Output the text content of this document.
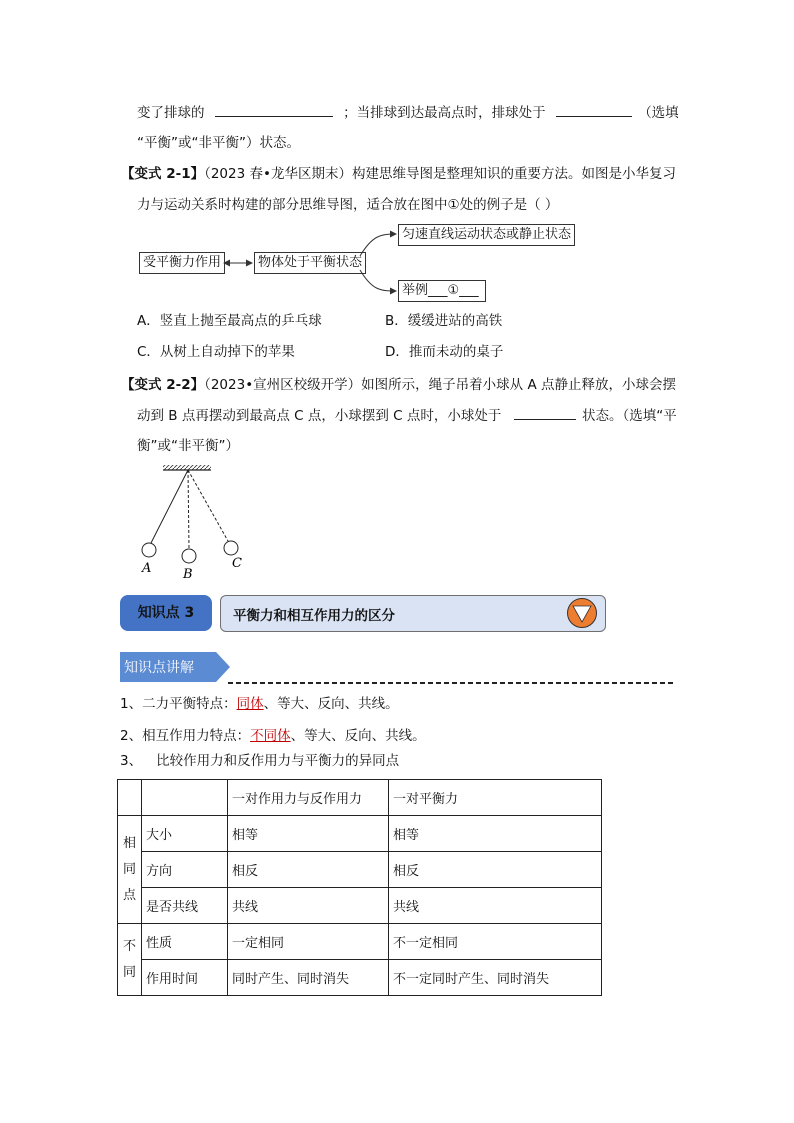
变了排球的	；当排球到达最高点时，排球处于	（选填
“平衡”或“非平衡”）状态。
【变式 2-1】（2023 春•龙华区期末）构建思维导图是整理知识的重要方法。如图是小华复习
力与运动关系时构建的部分思维导图，适合放在图中①处的例子是（ ）
受平衡力作用	物体处于平衡状态
匀速直线运动状态或静止状态
举例___①___
A．竖直上抛至最高点的乒乓球	B．缓缓进站的高铁
C．从树上自动掉下的苹果	D．推而未动的桌子
【变式 2-2】（2023•宣州区校级开学）如图所示，绳子吊着小球从 A 点静止释放，小球会摆
动到 B 点再摆动到最高点 C 点，小球摆到 C 点时，小球处于	状态。（选填“平
衡”或“非平衡”）
A B
C
知识点 3	平衡力和相互作用力的区分
知识点讲解
1、二力平衡特点：同体、等大、反向、共线。
2、相互作用力特点：不同体、等大、反向、共线。
3、 比较作用力和反作用力与平衡力的异同点
		一对作用力与反作用力	一对平衡力
相同点	大小	相等	相等
	方向	相反	相反
	是否共线	共线	共线
不同	性质	一定相同	不一定相同
	作用时间	同时产生、同时消失	不一定同时产生、同时消失
